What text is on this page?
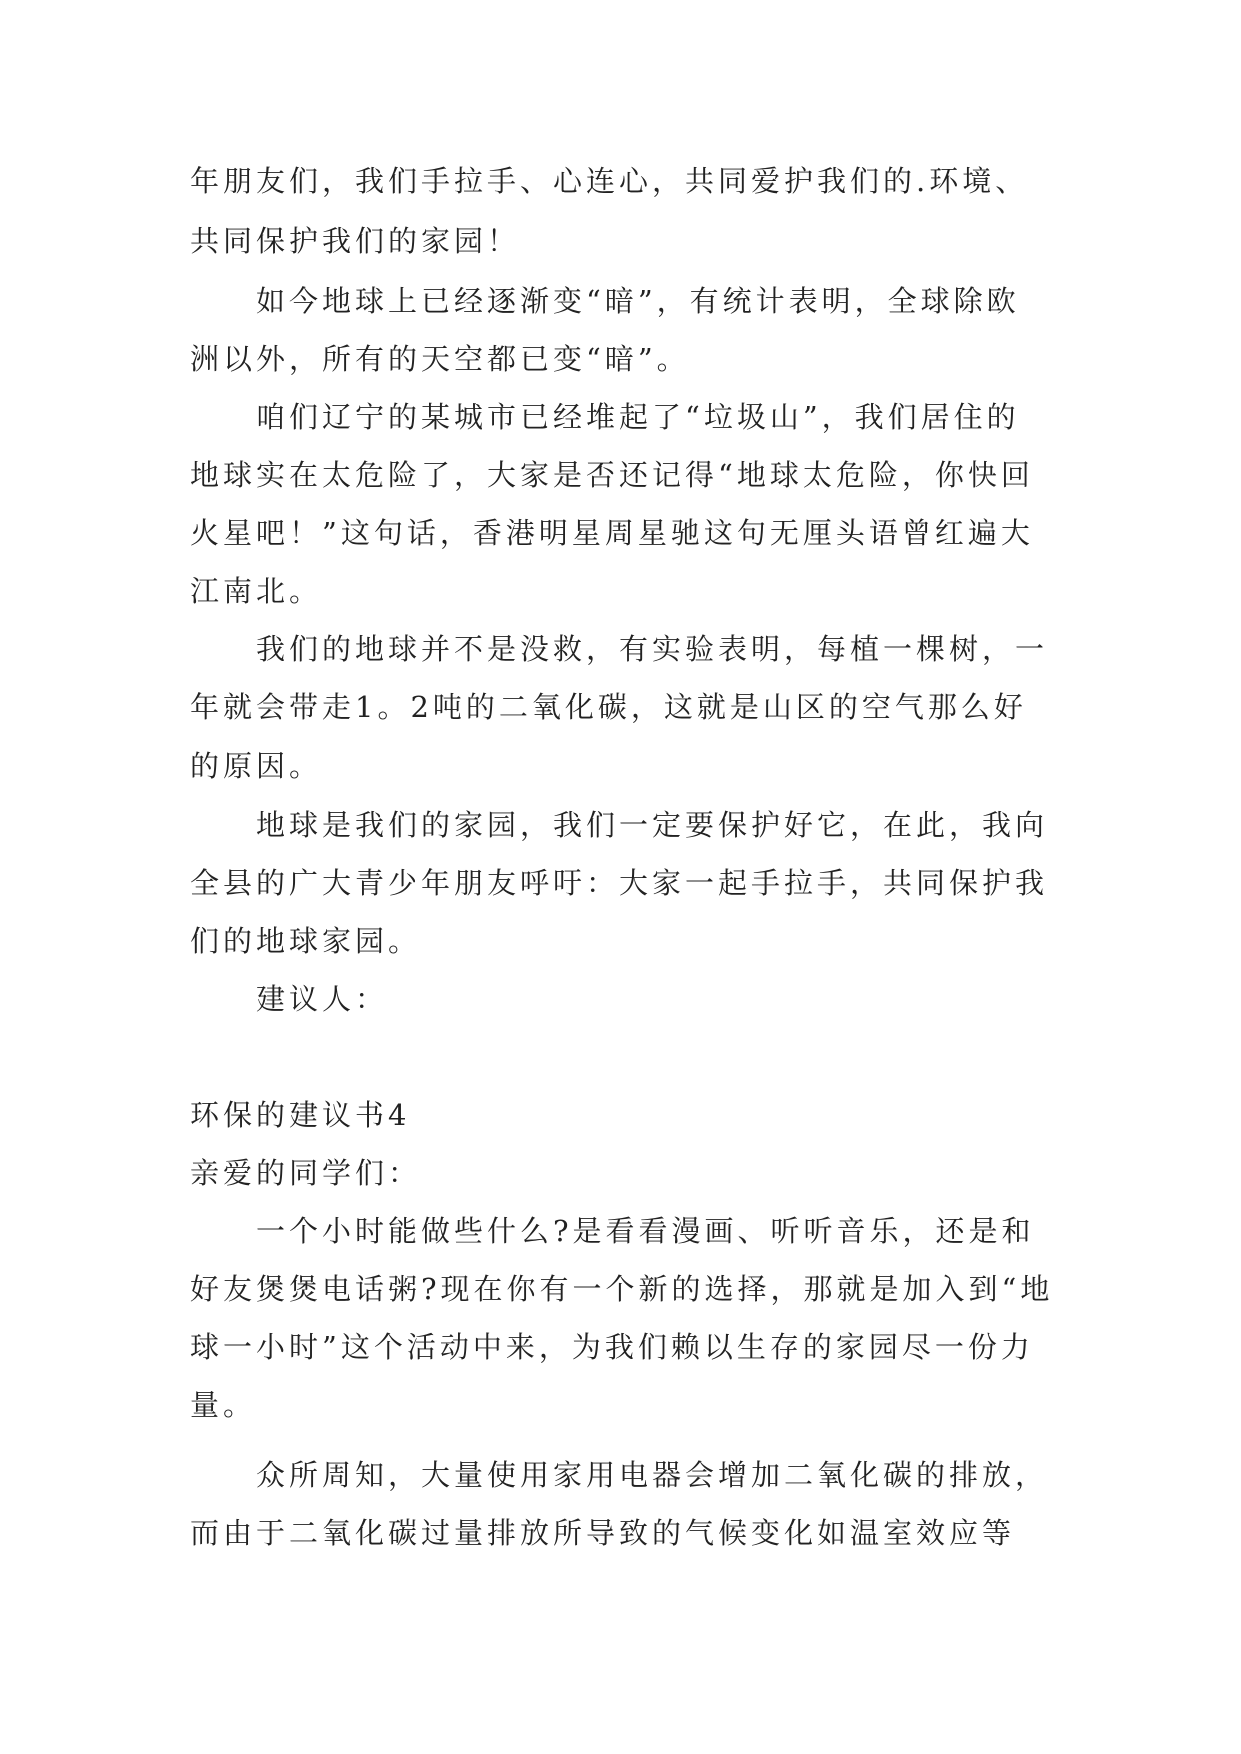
年朋友们，我们手拉手、心连心，共同爱护我们的.环境、
共同保护我们的家园！
如今地球上已经逐渐变“暗”，有统计表明，全球除欧
洲以外，所有的天空都已变“暗”。
咱们辽宁的某城市已经堆起了“垃圾山”，我们居住的
地球实在太危险了，大家是否还记得“地球太危险，你快回
火星吧！”这句话，香港明星周星驰这句无厘头语曾红遍大
江南北。
我们的地球并不是没救，有实验表明，每植一棵树，一
年就会带走1。2吨的二氧化碳，这就是山区的空气那么好
的原因。
地球是我们的家园，我们一定要保护好它，在此，我向
全县的广大青少年朋友呼吁：大家一起手拉手，共同保护我
们的地球家园。
建议人：
环保的建议书4
亲爱的同学们：
一个小时能做些什么?是看看漫画、听听音乐，还是和
好友煲煲电话粥?现在你有一个新的选择，那就是加入到“地
球一小时”这个活动中来，为我们赖以生存的家园尽一份力
量。
众所周知，大量使用家用电器会增加二氧化碳的排放，
而由于二氧化碳过量排放所导致的气候变化如温室效应等
